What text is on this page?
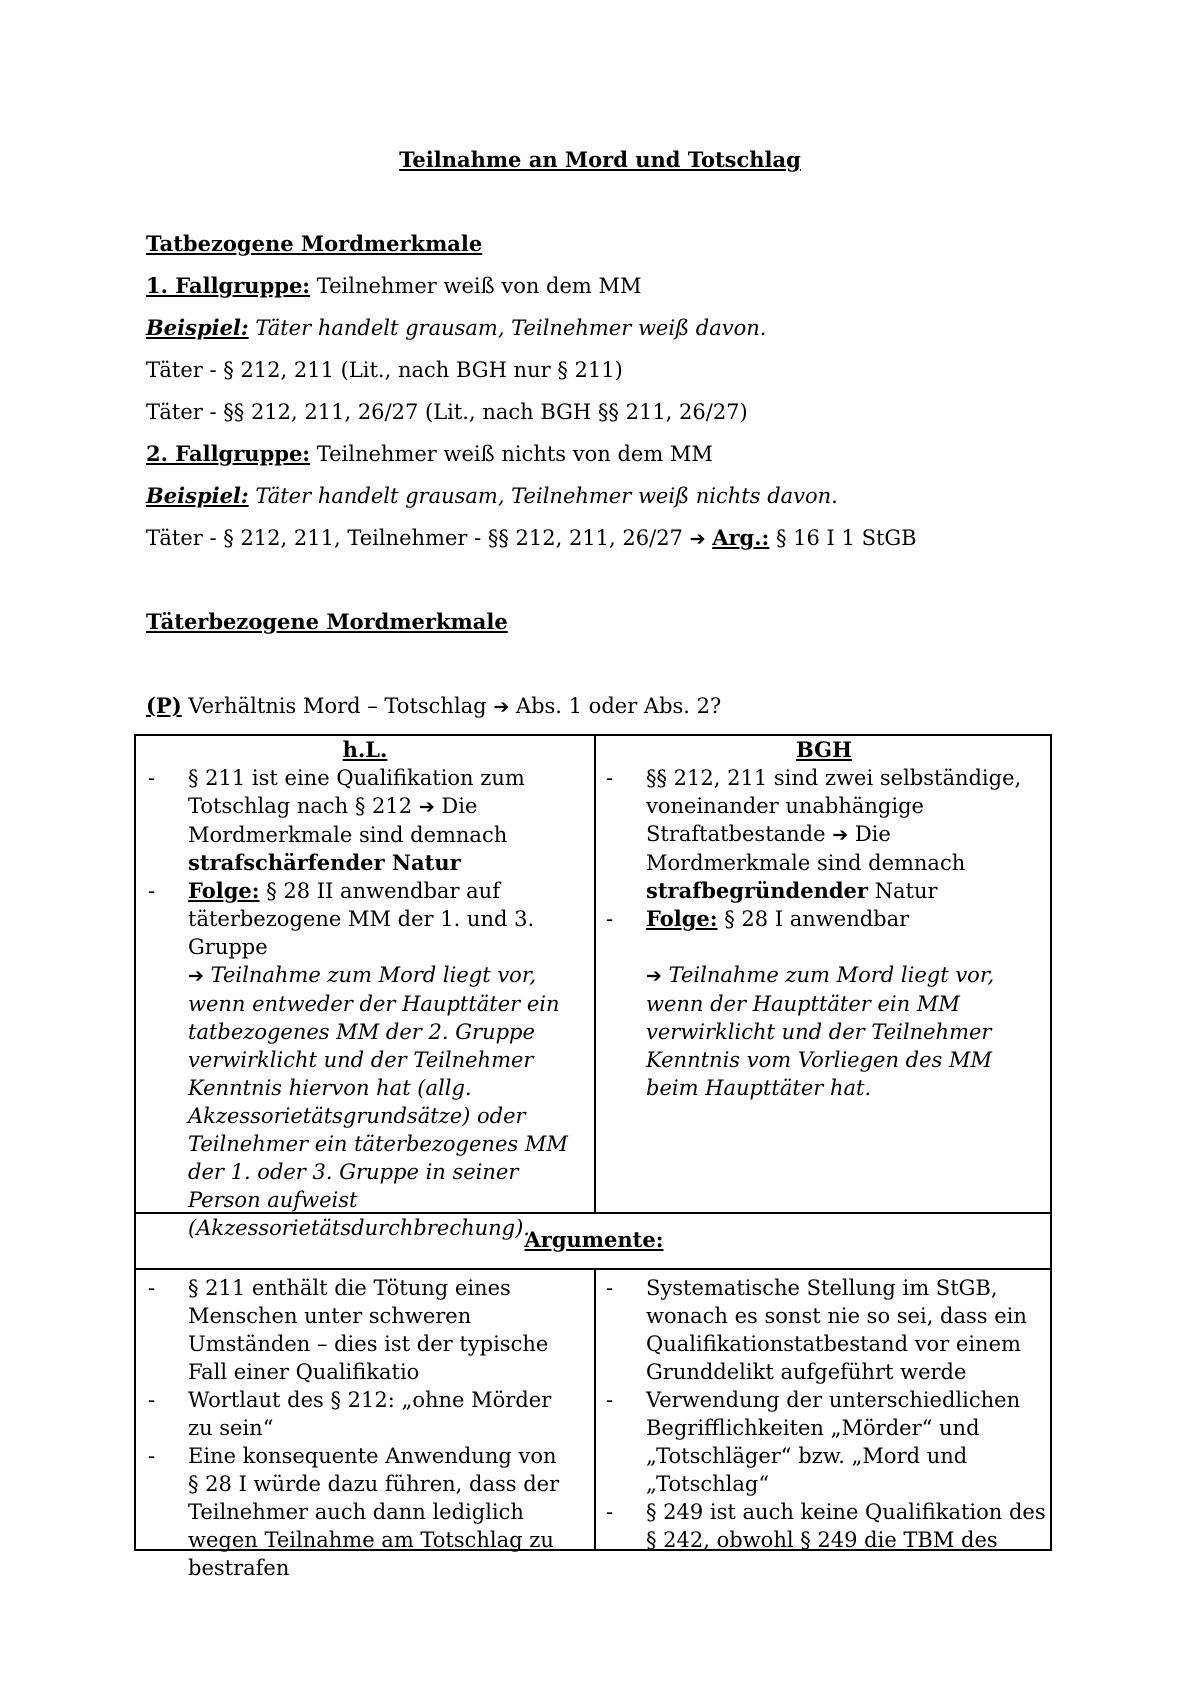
Teilnahme an Mord und Totschlag
Tatbezogene Mordmerkmale
1. Fallgruppe: Teilnehmer weiß von dem MM
Beispiel: Täter handelt grausam, Teilnehmer weiß davon.
Täter - § 212, 211 (Lit., nach BGH nur § 211)
Täter - §§ 212, 211, 26/27 (Lit., nach BGH §§ 211, 26/27)
2. Fallgruppe: Teilnehmer weiß nichts von dem MM
Beispiel: Täter handelt grausam, Teilnehmer weiß nichts davon.
Täter - § 212, 211, Teilnehmer - §§ 212, 211, 26/27 ➔ Arg.: § 16 I 1 StGB
Täterbezogene Mordmerkmale
(P) Verhältnis Mord – Totschlag ➔ Abs. 1 oder Abs. 2?
h.L.	BGH
- § 211 ist eine Qualifikation zum Totschlag nach § 212 ➔ Die Mordmerkmale sind demnach strafschärfender Natur
- Folge: § 28 II anwendbar auf täterbezogene MM der 1. und 3. Gruppe
➔ Teilnahme zum Mord liegt vor, wenn entweder der Haupttäter ein tatbezogenes MM der 2. Gruppe verwirklicht und der Teilnehmer Kenntnis hiervon hat (allg. Akzessorietätsgrundsätze) oder Teilnehmer ein täterbezogenes MM der 1. oder 3. Gruppe in seiner Person aufweist (Akzessorietätsdurchbrechung).
- §§ 212, 211 sind zwei selbständige, voneinander unabhängige Straftatbestande ➔ Die Mordmerkmale sind demnach strafbegründender Natur
- Folge: § 28 I anwendbar
➔ Teilnahme zum Mord liegt vor, wenn der Haupttäter ein MM verwirklicht und der Teilnehmer Kenntnis vom Vorliegen des MM beim Haupttäter hat.
Argumente:
- § 211 enthält die Tötung eines Menschen unter schweren Umständen – dies ist der typische Fall einer Qualifikatio
- Wortlaut des § 212: „ohne Mörder zu sein“
- Eine konsequente Anwendung von § 28 I würde dazu führen, dass der Teilnehmer auch dann lediglich wegen Teilnahme am Totschlag zu bestrafen
- Systematische Stellung im StGB, wonach es sonst nie so sei, dass ein Qualifikationstatbestand vor einem Grunddelikt aufgeführt werde
- Verwendung der unterschiedlichen Begrifflichkeiten „Mörder“ und „Totschläger“ bzw. „Mord und „Totschlag“
- § 249 ist auch keine Qualifikation des § 242, obwohl § 249 die TBM des
